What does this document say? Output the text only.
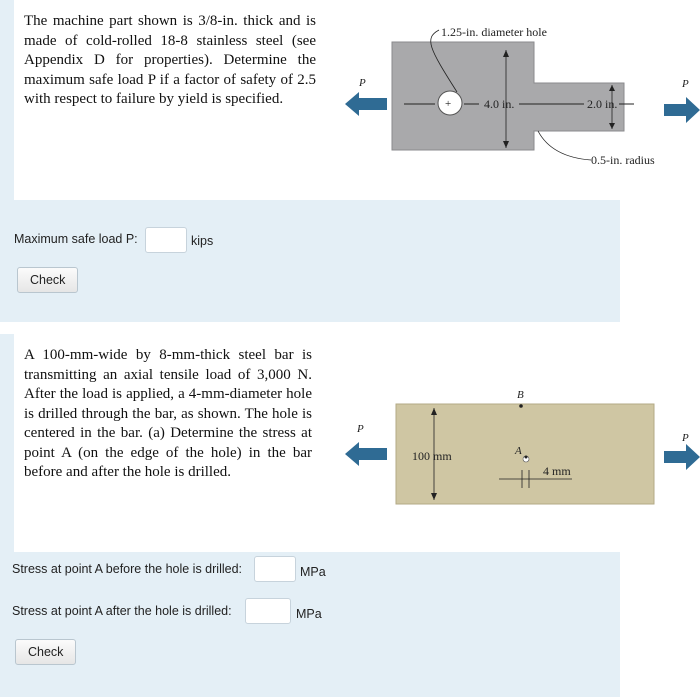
The machine part shown is 3/8-in. thick and is made of cold-rolled 18-8 stainless steel (see Appendix D for properties). Determine the maximum safe load P if a factor of safety of 2.5 with respect to failure by yield is specified.	+	4.0 in.	2.0 in.
1.25-in. diameter hole
0.5-in. radius
P
Maximum safe load P:	kips
Check
P
A 100-mm-wide by 8-mm-thick steel bar is transmitting an axial tensile load of 3,000 N. After the load is applied, a 4-mm-diameter hole is drilled through the bar, as shown. The hole is centered in the bar. (a) Determine the stress at point A (on the edge of the hole) in the bar before and after the hole is drilled.
100 mm
B
A
4 mm
P
Stress at point A before the hole is drilled:	MPa
Stress at point A after the hole is drilled:	MPa
Check
P
